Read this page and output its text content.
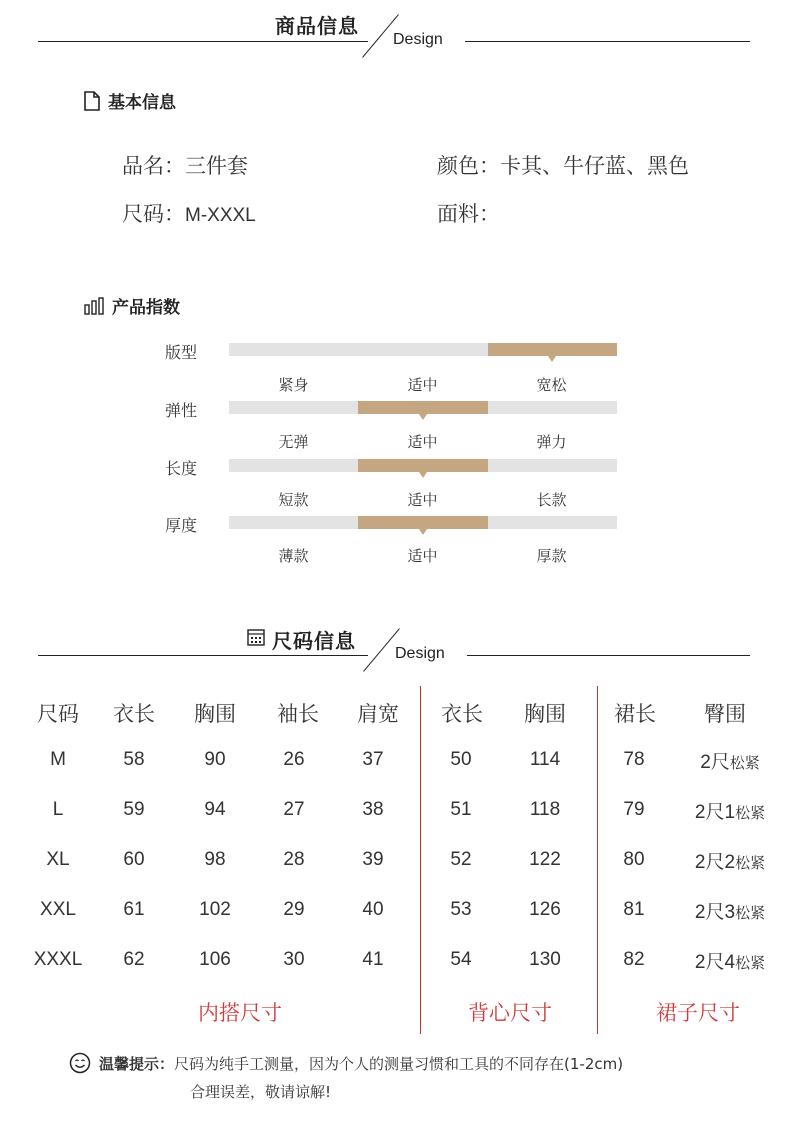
商品信息
Design
基本信息
品名：三件套
尺码：M-XXXL
颜色：卡其、牛仔蓝、黑色
面料：
产品指数
版型
紧身	适中	宽松
弹性
无弹	适中	弹力
长度
短款	适中	长款
厚度
薄款	适中	厚款
尺码信息
Design
尺码	衣长	胸围	袖长	肩宽	衣长	胸围	裙长	臀围
M	58	90	26	37	50	114	78	2尺松紧
L	59	94	27	38	51	118	79	2尺1松紧
XL	60	98	28	39	52	122	80	2尺2松紧
XXL	61	102	29	40	53	126	81	2尺3松紧
XXXL	62	106	30	41	54	130	82	2尺4松紧
内搭尺寸	背心尺寸	裙子尺寸
温馨提示：尺码为纯手工测量，因为个人的测量习惯和工具的不同存在(1-2cm)
合理误差，敬请谅解!
